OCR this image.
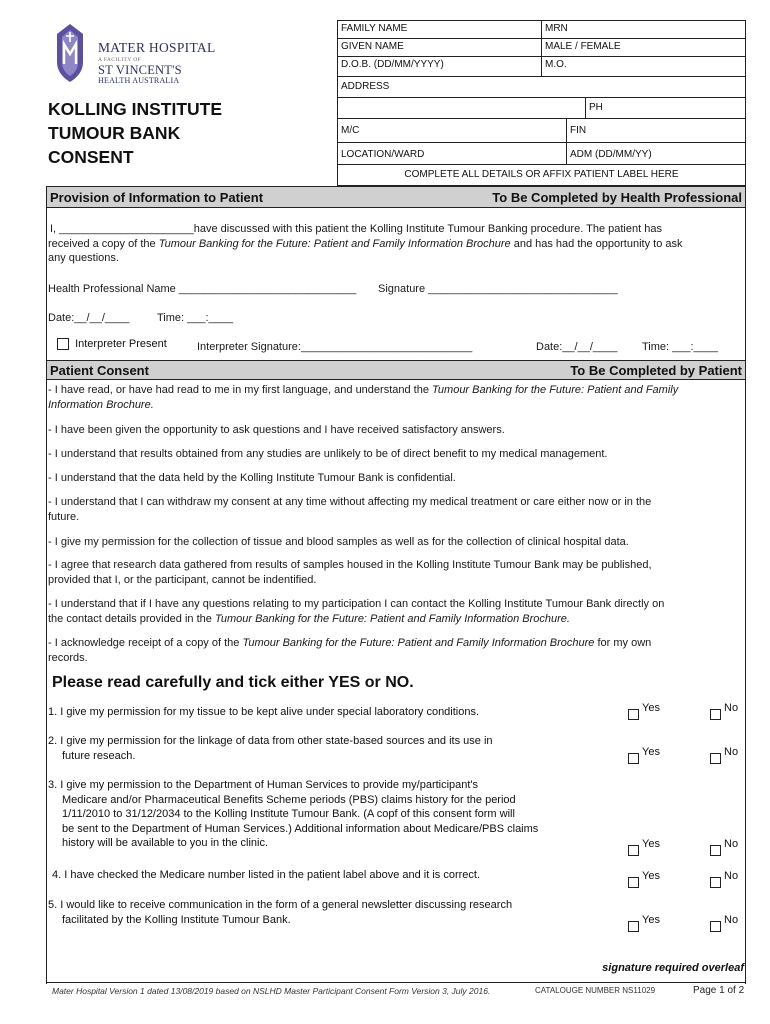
MATER HOSPITAL
A FACILITY OF
ST VINCENT'S
HEALTH AUSTRALIA
KOLLING INSTITUTE
TUMOUR BANK
CONSENT
FAMILY NAME	MRN
GIVEN NAME	MALE / FEMALE
D.O.B. (DD/MM/YYYY)	M.O.
ADDRESS
PH
M/C	FIN
LOCATION/WARD	ADM (DD/MM/YY)
COMPLETE ALL DETAILS OR AFFIX PATIENT LABEL HERE
Provision of Information to Patient	To Be Completed by Health Professional
I, ______________________have discussed with this patient the Kolling Institute Tumour Banking procedure. The patient has
received a copy of the Tumour Banking for the Future: Patient and Family Information Brochure and has had the opportunity to ask
any questions.
Health Professional Name _____________________________ Signature _______________________________
Date:__/__/____	Time: ___:____
Interpreter Present	Interpreter Signature:____________________________	Date:__/__/____ Time: ___:____
Patient Consent	To Be Completed by Patient
- I have read, or have had read to me in my first language, and understand the Tumour Banking for the Future: Patient and Family
Information Brochure.
- I have been given the opportunity to ask questions and I have received satisfactory answers.
- I understand that results obtained from any studies are unlikely to be of direct benefit to my medical management.
- I understand that the data held by the Kolling Institute Tumour Bank is confidential.
- I understand that I can withdraw my consent at any time without affecting my medical treatment or care either now or in the
future.
- I give my permission for the collection of tissue and blood samples as well as for the collection of clinical hospital data.
- I agree that research data gathered from results of samples housed in the Kolling Institute Tumour Bank may be published,
provided that I, or the participant, cannot be indentified.
- I understand that if I have any questions relating to my participation I can contact the Kolling Institute Tumour Bank directly on
the contact details provided in the Tumour Banking for the Future: Patient and Family Information Brochure.
- I acknowledge receipt of a copy of the Tumour Banking for the Future: Patient and Family Information Brochure for my own
records.
Please read carefully and tick either YES or NO.
1. I give my permission for my tissue to be kept alive under special laboratory conditions.	Yes	No
2. I give my permission for the linkage of data from other state-based sources and its use in
future reseach.	Yes	No
3. I give my permission to the Department of Human Services to provide my/participant's
Medicare and/or Pharmaceutical Benefits Scheme periods (PBS) claims history for the period
1/11/2010 to 31/12/2034 to the Kolling Institute Tumour Bank. (A copf of this consent form will
be sent to the Department of Human Services.) Additional information about Medicare/PBS claims
history will be available to you in the clinic.	Yes	No
4. I have checked the Medicare number listed in the patient label above and it is correct.	Yes	No
5. I would like to receive communication in the form of a general newsletter discussing research
facilitated by the Kolling Institute Tumour Bank.	Yes	No
signature required overleaf
Mater Hospital Version 1 dated 13/08/2019 based on NSLHD Master Participant Consent Form Version 3, July 2016.	CATALOUGE NUMBER NS11029	Page 1 of 2
